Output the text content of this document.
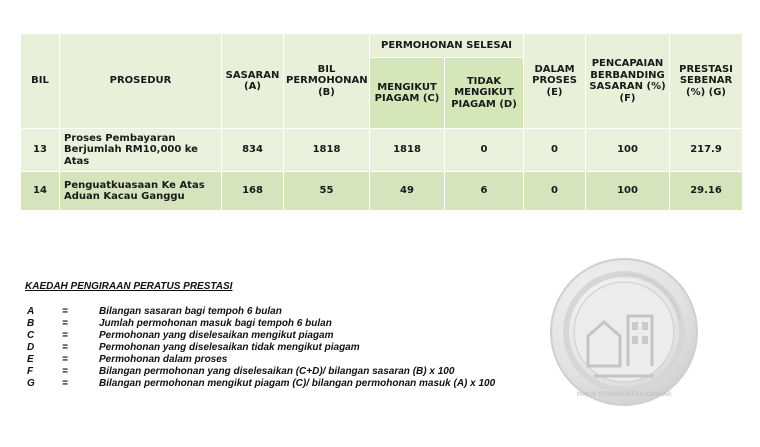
BIL	PROSEDUR	SASARAN (A)	BIL PERMOHONAN (B)	PERMOHONAN SELESAI		DALAM PROSES (E)	PENCAPAIAN BERBANDING SASARAN (%) (F)	PRESTASI SEBENAR (%) (G)
				MENGIKUT PIAGAM (C)	TIDAK MENGIKUT PIAGAM (D)			
13	Proses Pembayaran Berjumlah RM10,000 ke Atas	834	1818	1818	0	0	100	217.9
14	Penguatkuasaan Ke Atas Aduan Kacau Ganggu	168	55	49	6	0	100	29.16
KAEDAH PENGIRAAN PERATUS PRESTASI
A	=	Bilangan sasaran bagi tempoh 6 bulan
B	=	Jumlah permohonan masuk bagi tempoh 6 bulan
C	=	Permohonan yang diselesaikan mengikut piagam
D	=	Permohonan yang diselesaikan tidak mengikut piagam
E	=	Permohonan dalam proses
F	=	Bilangan permohonan yang diselesaikan (C+D)/ bilangan sasaran (B) x 100
G	=	Bilangan permohonan mengikut piagam (C)/ bilangan permohonan masuk (A) x 100
MAJLIS PERBANDARAN KANGAR
